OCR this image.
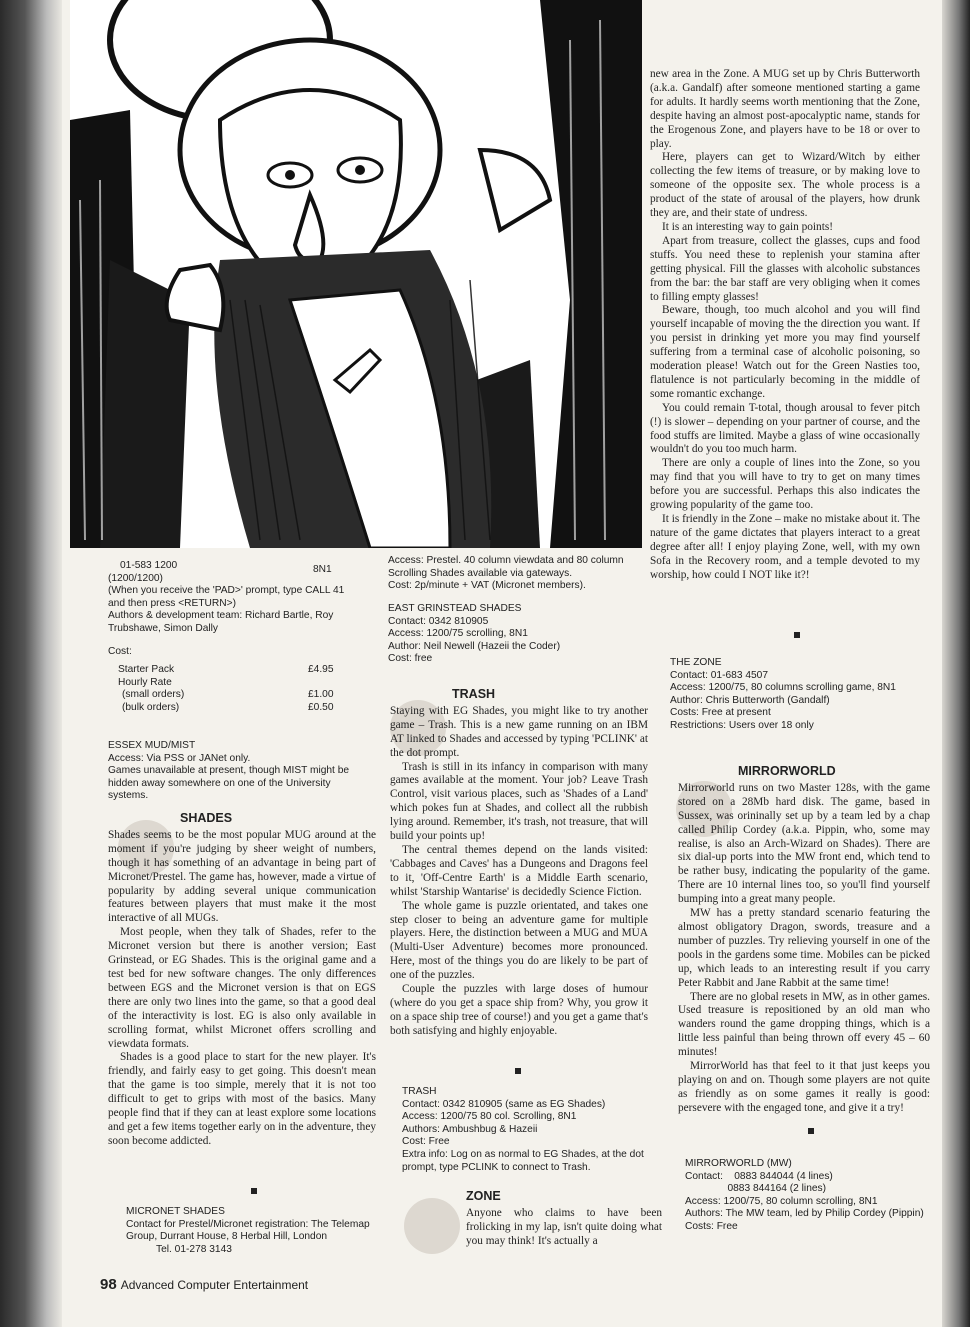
new area in the Zone. A MUG set up by Chris Butterworth (a.k.a. Gandalf) after someone mentioned starting a game for adults. It hardly seems worth mentioning that the Zone, despite having an almost post-apocalyptic name, stands for the Erogenous Zone, and players have to be 18 or over to play.

Here, players can get to Wizard/Witch by either collecting the few items of treasure, or by making love to someone of the opposite sex. The whole process is a product of the state of arousal of the players, how drunk they are, and their state of undress.

It is an interesting way to gain points!

Apart from treasure, collect the glasses, cups and food stuffs. You need these to replenish your stamina after getting physical. Fill the glasses with alcoholic substances from the bar: the bar staff are very obliging when it comes to filling empty glasses!

Beware, though, too much alcohol and you will find yourself incapable of moving the the direction you want. If you persist in drinking yet more you may find yourself suffering from a terminal case of alcoholic poisoning, so moderation please! Watch out for the Green Nasties too, flatulence is not particularly becoming in the middle of some romantic exchange.

You could remain T-total, though arousal to fever pitch (!) is slower – depending on your partner of course, and the food stuffs are limited. Maybe a glass of wine occasionally wouldn't do you too much harm.

There are only a couple of lines into the Zone, so you may find that you will have to try to get on many times before you are successful. Perhaps this also indicates the growing popularity of the game too.

It is friendly in the Zone – make no mistake about it. The nature of the game dictates that players interact to a great degree after all! I enjoy playing Zone, well, with my own Sofa in the Recovery room, and a temple devoted to my worship, how could I NOT like it?!

THE ZONE
Contact: 01-683 4507
Access: 1200/75, 80 columns scrolling game, 8N1
Author: Chris Butterworth (Gandalf)
Costs: Free at present
Restrictions: Users over 18 only
MIRRORWORLD

Mirrorworld runs on two Master 128s, with the game stored on a 28Mb hard disk. The game, based in Sussex, was orininally set up by a team led by a chap called Philip Cordey (a.k.a. Pippin, who, some may realise, is also an Arch-Wizard on Shades). There are six dial-up ports into the MW front end, which tend to be rather busy, indicating the popularity of the game. There are 10 internal lines too, so you'll find yourself bumping into a great many people.

MW has a pretty standard scenario featuring the almost obligatory Dragon, swords, treasure and a number of puzzles. Try relieving yourself in one of the pools in the gardens some time. Mobiles can be picked up, which leads to an interesting result if you carry Peter Rabbit and Jane Rabbit at the same time!

There are no global resets in MW, as in other games. Used treasure is repositioned by an old man who wanders round the game dropping things, which is a little less painful than being thrown off every 45 – 60 minutes!

MirrorWorld has that feel to it that just keeps you playing on and on. Though some players are not quite as friendly as on some games it really is good: persevere with the engaged tone, and give it a try!

MIRRORWORLD (MW)
Contact:    0883 844044 (4 lines)
0883 844164 (2 lines)
Access: 1200/75, 80 column scrolling, 8N1
Authors: The MW team, led by Philip Cordey (Pippin)
Costs: Free
01-583 1200
(1200/1200)
(When you receive the 'PAD>' prompt, type CALL 41
and then press <RETURN>)
Authors & development team: Richard Bartle, Roy Trubshawe, Simon Dally
Cost:
Starter Pack	£4.95
Hourly Rate
(small orders)	£1.00
(bulk orders)	£0.50
8N1
ESSEX MUD/MIST
Access: Via PSS or JANet only.
Games unavailable at present, though MIST might be hidden away somewhere on one of the University systems.
SHADES

Shades seems to be the most popular MUG around at the moment if you're judging by sheer weight of numbers, though it has something of an advantage in being part of Micronet/Prestel. The game has, however, made a virtue of popularity by adding several unique communication features between players that must make it the most interactive of all MUGs.

Most people, when they talk of Shades, refer to the Micronet version but there is another version; East Grinstead, or EG Shades. This is the original game and a test bed for new software changes. The only differences between EGS and the Micronet version is that on EGS there are only two lines into the game, so that a good deal of the interactivity is lost. EG is also only available in scrolling format, whilst Micronet offers scrolling and viewdata formats.

Shades is a good place to start for the new player. It's friendly, and fairly easy to get going. This doesn't mean that the game is too simple, merely that it is not too difficult to get to grips with most of the basics. Many people find that if they can at least explore some locations and get a few items together early on in the adventure, they soon become addicted.

MICRONET SHADES
Contact for Prestel/Micronet registration: The Telemap Group, Durrant House, 8 Herbal Hill, London
Tel. 01-278 3143
Access: Prestel. 40 column viewdata and 80 column Scrolling Shades available via gateways.
Cost: 2p/minute + VAT (Micronet members).
EAST GRINSTEAD SHADES
Contact: 0342 810905
Access: 1200/75 scrolling, 8N1
Author: Neil Newell (Hazeii the Coder)
Cost: free
TRASH

Staying with EG Shades, you might like to try another game – Trash. This is a new game running on an IBM AT linked to Shades and accessed by typing 'PCLINK' at the dot prompt.

Trash is still in its infancy in comparison with many games available at the moment. Your job? Leave Trash Control, visit various places, such as 'Shades of a Land' which pokes fun at Shades, and collect all the rubbish lying around. Remember, it's trash, not treasure, that will build your points up!

The central themes depend on the lands visited: 'Cabbages and Caves' has a Dungeons and Dragons feel to it, 'Off-Centre Earth' is a Middle Earth scenario, whilst 'Starship Wantarise' is decidedly Science Fiction.

The whole game is puzzle orientated, and takes one step closer to being an adventure game for multiple players. Here, the distinction between a MUG and MUA (Multi-User Adventure) becomes more pronounced. Here, most of the things you do are likely to be part of one of the puzzles.

Couple the puzzles with large doses of humour (where do you get a space ship from? Why, you grow it on a space ship tree of course!) and you get a game that's both satisfying and highly enjoyable.

TRASH
Contact: 0342 810905 (same as EG Shades)
Access: 1200/75 80 col. Scrolling, 8N1
Authors: Ambushbug & Hazeii
Cost: Free
Extra info: Log on as normal to EG Shades, at the dot prompt, type PCLINK to connect to Trash.
ZONE

Anyone who claims to have been frolicking in my lap, isn't quite doing what you may think! It's actually a

98 Advanced Computer Entertainment
